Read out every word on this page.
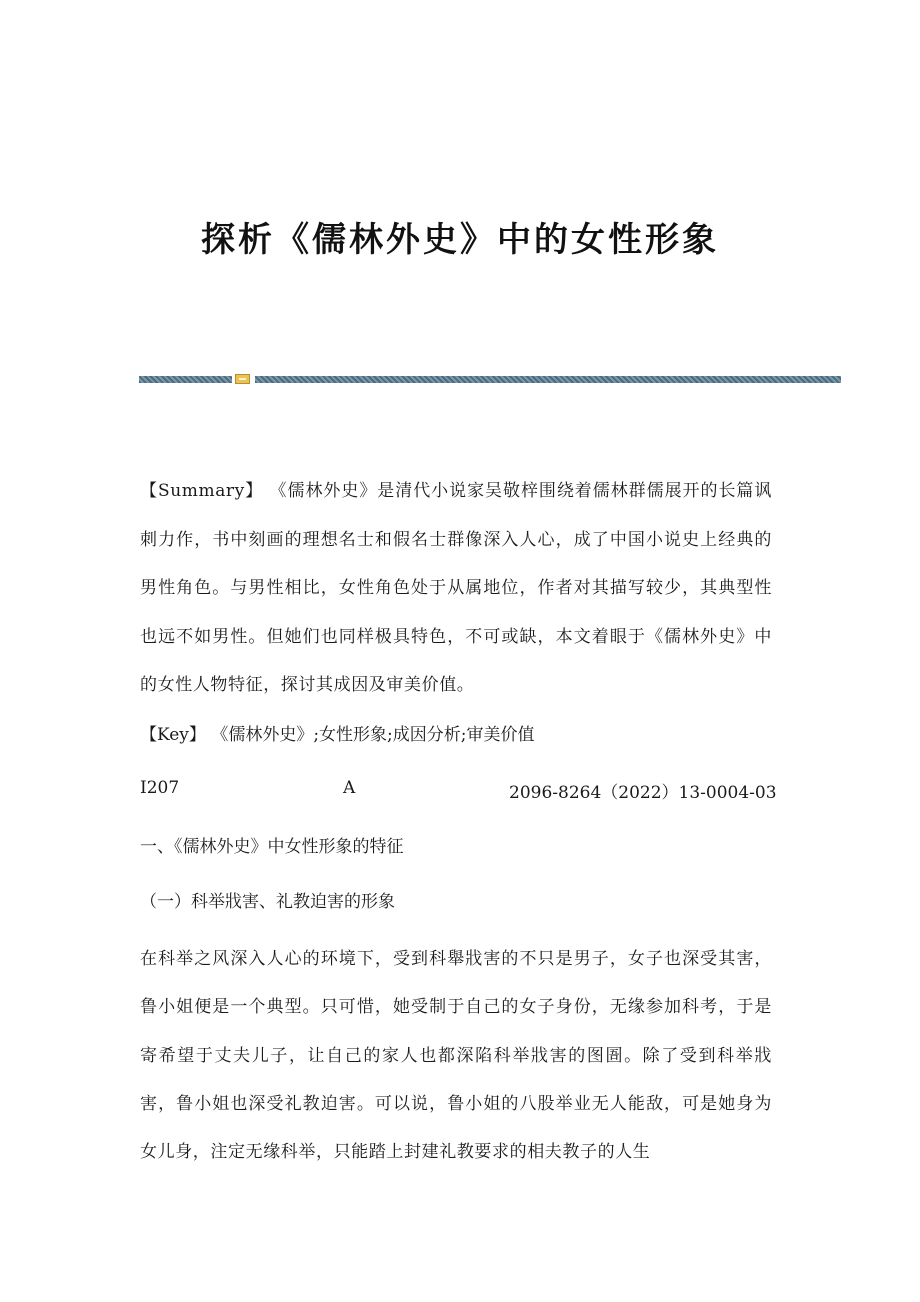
探析《儒林外史》中的女性形象

【Summary】 《儒林外史》是清代小说家吴敬梓围绕着儒林群儒展开的长篇讽刺力作，书中刻画的理想名士和假名士群像深入人心，成了中国小说史上经典的男性角色。与男性相比，女性角色处于从属地位，作者对其描写较少，其典型性也远不如男性。但她们也同样极具特色，不可或缺，本文着眼于《儒林外史》中的女性人物特征，探讨其成因及审美价值。

【Key】 《儒林外史》;女性形象;成因分析;审美价值

I207	A	2096-8264（2022）13-0004-03

一、《儒林外史》中女性形象的特征

（一）科举戕害、礼教迫害的形象

在科举之风深入人心的环境下，受到科舉戕害的不只是男子，女子也深受其害，鲁小姐便是一个典型。只可惜，她受制于自己的女子身份，无缘参加科考，于是寄希望于丈夫儿子，让自己的家人也都深陷科举戕害的图圄。除了受到科举戕害，鲁小姐也深受礼教迫害。可以说，鲁小姐的八股举业无人能敌，可是她身为女儿身，注定无缘科举，只能踏上封建礼教要求的相夫教子的人生
